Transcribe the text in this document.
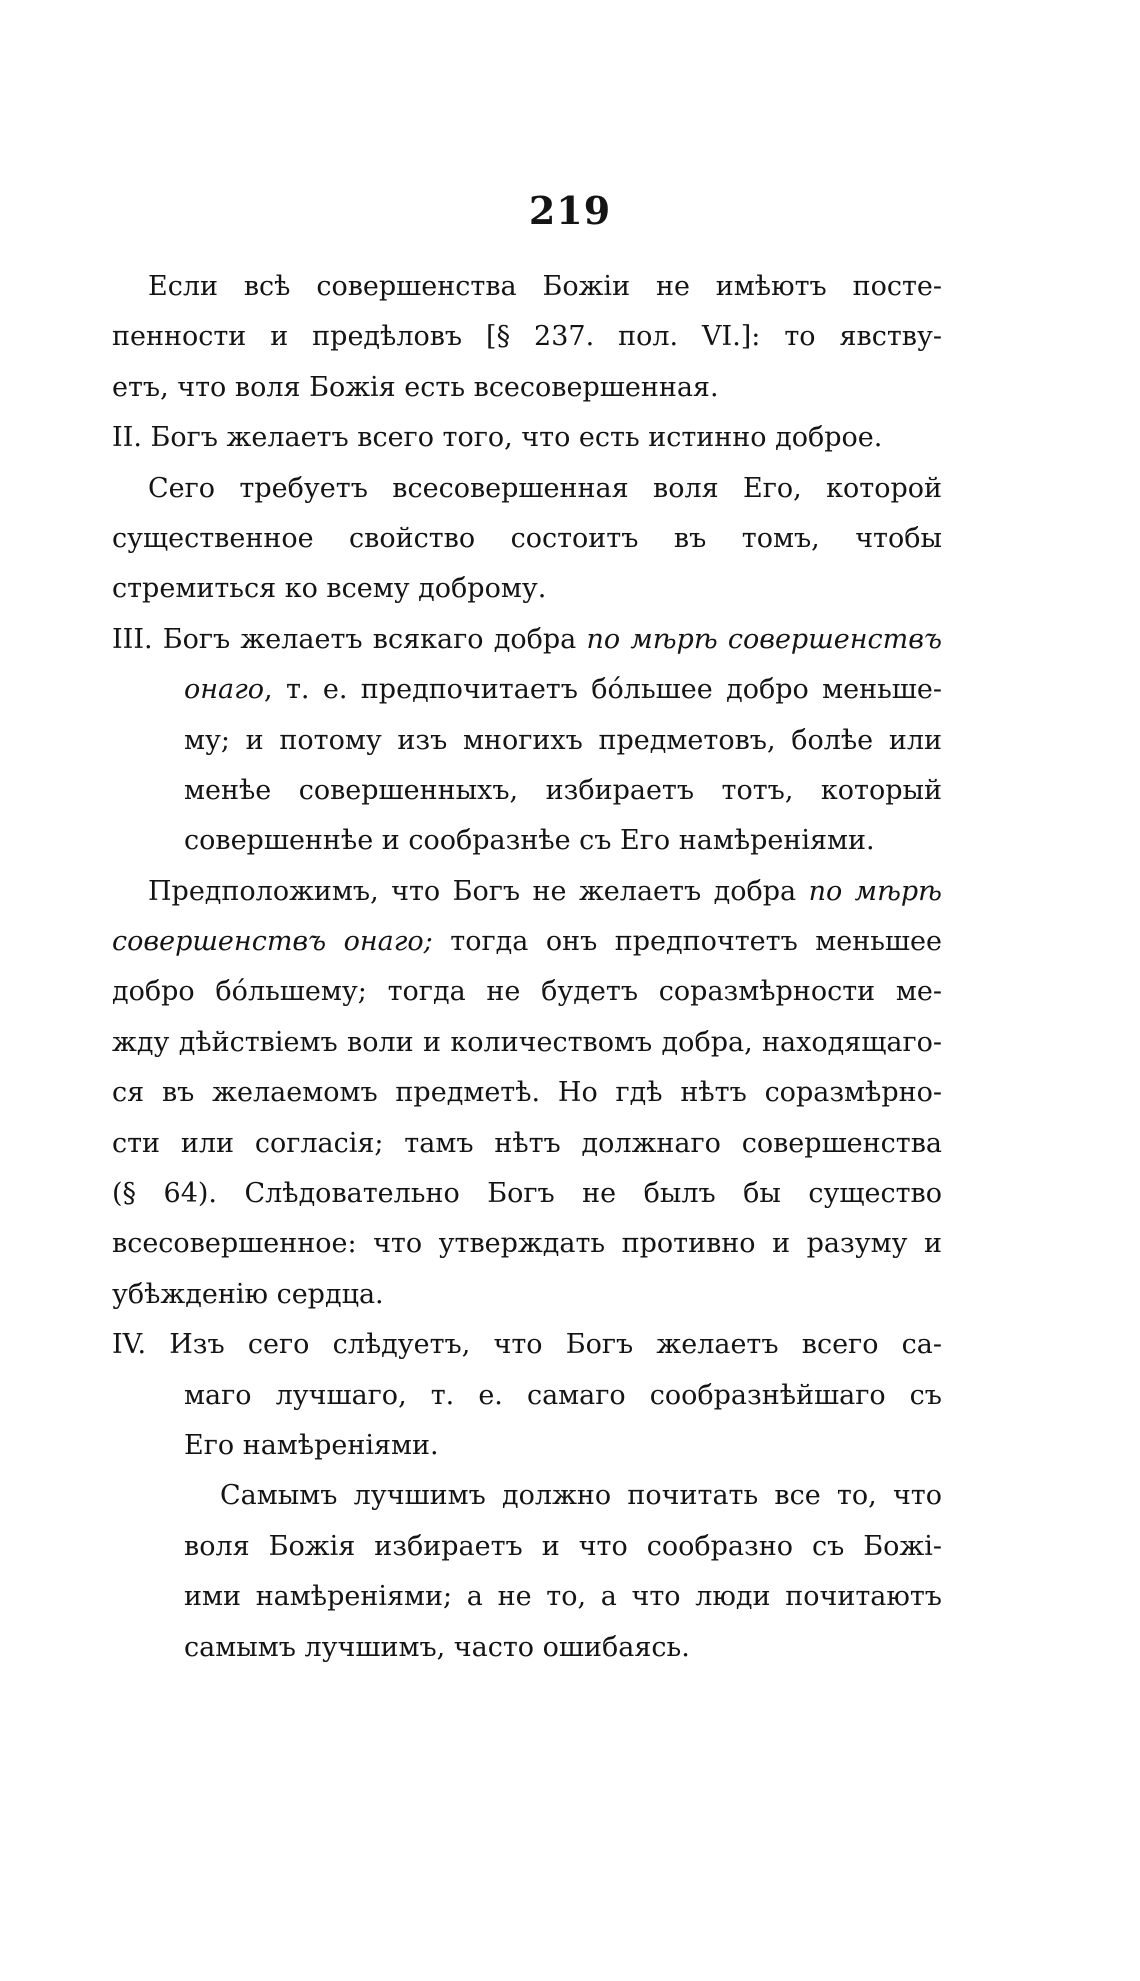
219
Если всѣ совершенства Божiи не имѣютъ посте-
пенности и предѣловъ [§ 237. пол. VI.]: то явству-
етъ, что воля Божiя есть всесовершенная.
II. Богъ желаетъ всего того, что есть истинно доброе.
Сего требуетъ всесовершенная воля Его, которой
существенное свойство состоитъ въ томъ, чтобы
стремиться ко всему доброму.
III. Богъ желаетъ всякаго добра по мѣрѣ совершенствъ
онаго, т. е. предпочитаетъ бóльшее добро меньше-
му; и потому изъ многихъ предметовъ, болѣе или
менѣе совершенныхъ, избираетъ тотъ, который
совершеннѣе и сообразнѣе съ Его намѣренiями.
Предположимъ, что Богъ не желаетъ добра по мѣрѣ
совершенствъ онаго; тогда онъ предпочтетъ меньшее
добро бóльшему; тогда не будетъ соразмѣрности ме-
жду дѣйствiемъ воли и количествомъ добра, находящаго-
ся въ желаемомъ предметѣ. Но гдѣ нѣтъ соразмѣрно-
сти или согласiя; тамъ нѣтъ должнаго совершенства
(§ 64). Слѣдовательно Богъ не былъ бы существо
всесовершенное: что утверждать противно и разуму и
убѣжденiю сердца.
IV. Изъ сего слѣдуетъ, что Богъ желаетъ всего са-
маго лучшаго, т. е. самаго сообразнѣйшаго съ
Его намѣренiями.
Самымъ лучшимъ должно почитать все то, что
воля Божiя избираетъ и что сообразно съ Божi-
ими намѣренiями; а не то, а что люди почитаютъ
самымъ лучшимъ, часто ошибаясь.
